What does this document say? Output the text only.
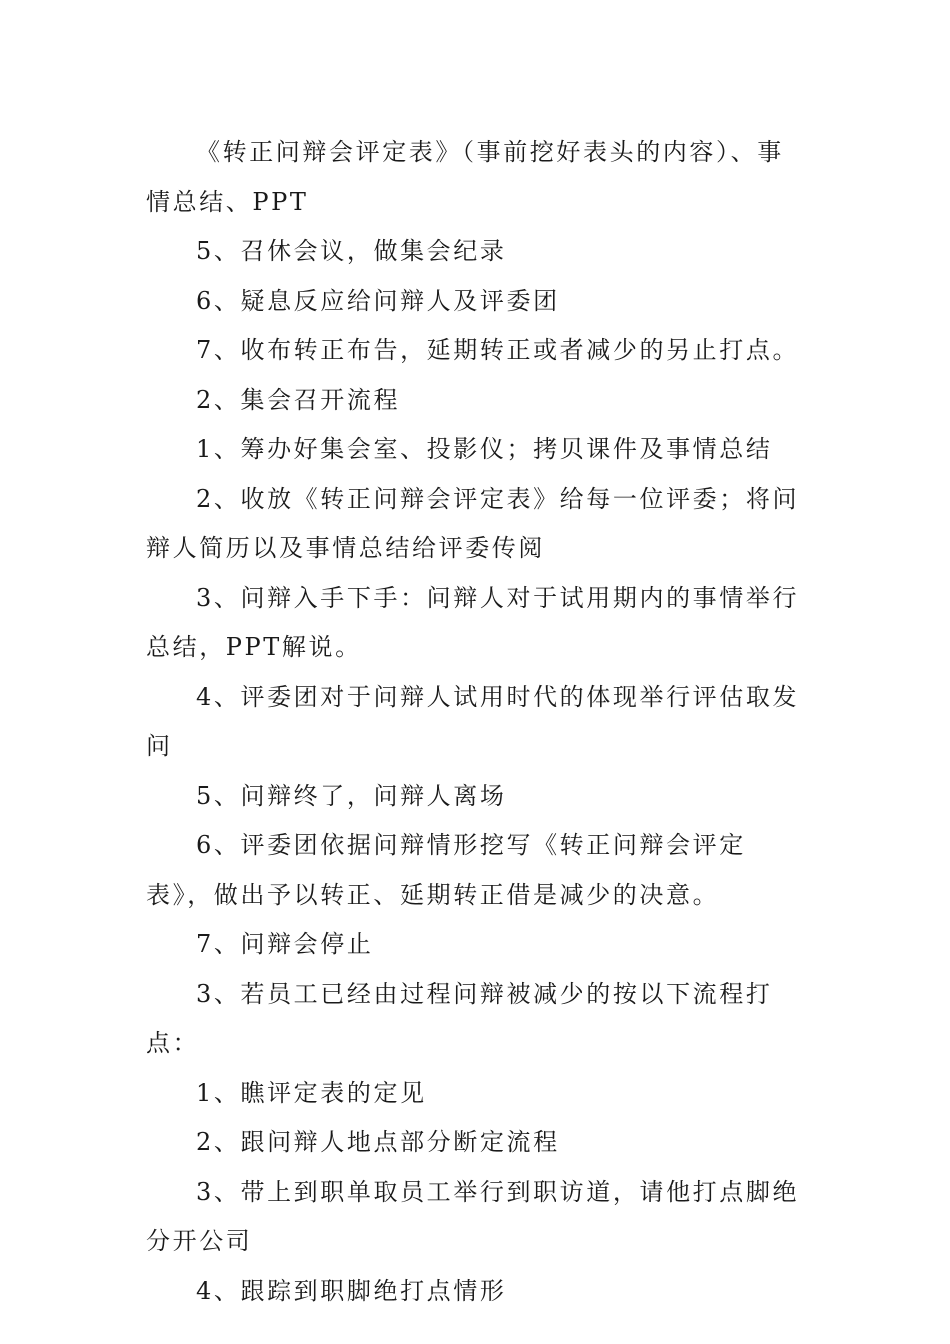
《转正问辩会评定表》（事前挖好表头的内容）、事情总结、PPT

5、召休会议，做集会纪录

6、疑息反应给问辩人及评委团

7、收布转正布告，延期转正或者减少的另止打点。

2、集会召开流程

1、筹办好集会室、投影仪；拷贝课件及事情总结

2、收放《转正问辩会评定表》给每一位评委；将问辩人简历以及事情总结给评委传阅

3、问辩入手下手：问辩人对于试用期内的事情举行总结，PPT解说。

4、评委团对于问辩人试用时代的体现举行评估取发问

5、问辩终了，问辩人离场

6、评委团依据问辩情形挖写《转正问辩会评定表》，做出予以转正、延期转正借是减少的决意。

7、问辩会停止

3、若员工已经由过程问辩被减少的按以下流程打点：

1、瞧评定表的定见

2、跟问辩人地点部分断定流程

3、带上到职单取员工举行到职访道，请他打点脚绝分开公司

4、跟踪到职脚绝打点情形
